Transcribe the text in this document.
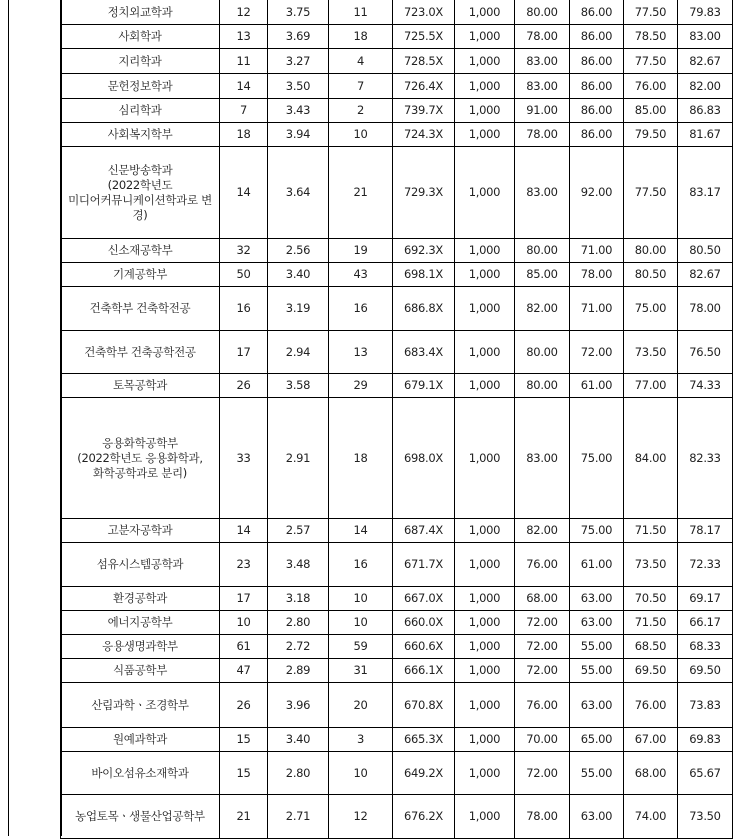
정치외교학과	12	3.75	11	723.0X	1,000	80.00	86.00	77.50	79.83
사회학과	13	3.69	18	725.5X	1,000	78.00	86.00	78.50	83.00
지리학과	11	3.27	4	728.5X	1,000	83.00	86.00	77.50	82.67
문헌정보학과	14	3.50	7	726.4X	1,000	83.00	86.00	76.00	82.00
심리학과	7	3.43	2	739.7X	1,000	91.00	86.00	85.00	86.83
사회복지학부	18	3.94	10	724.3X	1,000	78.00	86.00	79.50	81.67
신문방송학과
(2022학년도
미디어커뮤니케이션학과로 변경)	14	3.64	21	729.3X	1,000	83.00	92.00	77.50	83.17
신소재공학부	32	2.56	19	692.3X	1,000	80.00	71.00	80.00	80.50
기계공학부	50	3.40	43	698.1X	1,000	85.00	78.00	80.50	82.67
건축학부 건축학전공	16	3.19	16	686.8X	1,000	82.00	71.00	75.00	78.00
건축학부 건축공학전공	17	2.94	13	683.4X	1,000	80.00	72.00	73.50	76.50
토목공학과	26	3.58	29	679.1X	1,000	80.00	61.00	77.00	74.33
응용화학공학부
(2022학년도 응용화학과,
화학공학과로 분리)	33	2.91	18	698.0X	1,000	83.00	75.00	84.00	82.33
고분자공학과	14	2.57	14	687.4X	1,000	82.00	75.00	71.50	78.17
섬유시스템공학과	23	3.48	16	671.7X	1,000	76.00	61.00	73.50	72.33
환경공학과	17	3.18	10	667.0X	1,000	68.00	63.00	70.50	69.17
에너지공학부	10	2.80	10	660.0X	1,000	72.00	63.00	71.50	66.17
응용생명과학부	61	2.72	59	660.6X	1,000	72.00	55.00	68.50	68.33
식품공학부	47	2.89	31	666.1X	1,000	72.00	55.00	69.50	69.50
산림과학ㆍ조경학부	26	3.96	20	670.8X	1,000	76.00	63.00	76.00	73.83
원예과학과	15	3.40	3	665.3X	1,000	70.00	65.00	67.00	69.83
바이오섬유소재학과	15	2.80	10	649.2X	1,000	72.00	55.00	68.00	65.67
농업토목ㆍ생물산업공학부	21	2.71	12	676.2X	1,000	78.00	63.00	74.00	73.50
